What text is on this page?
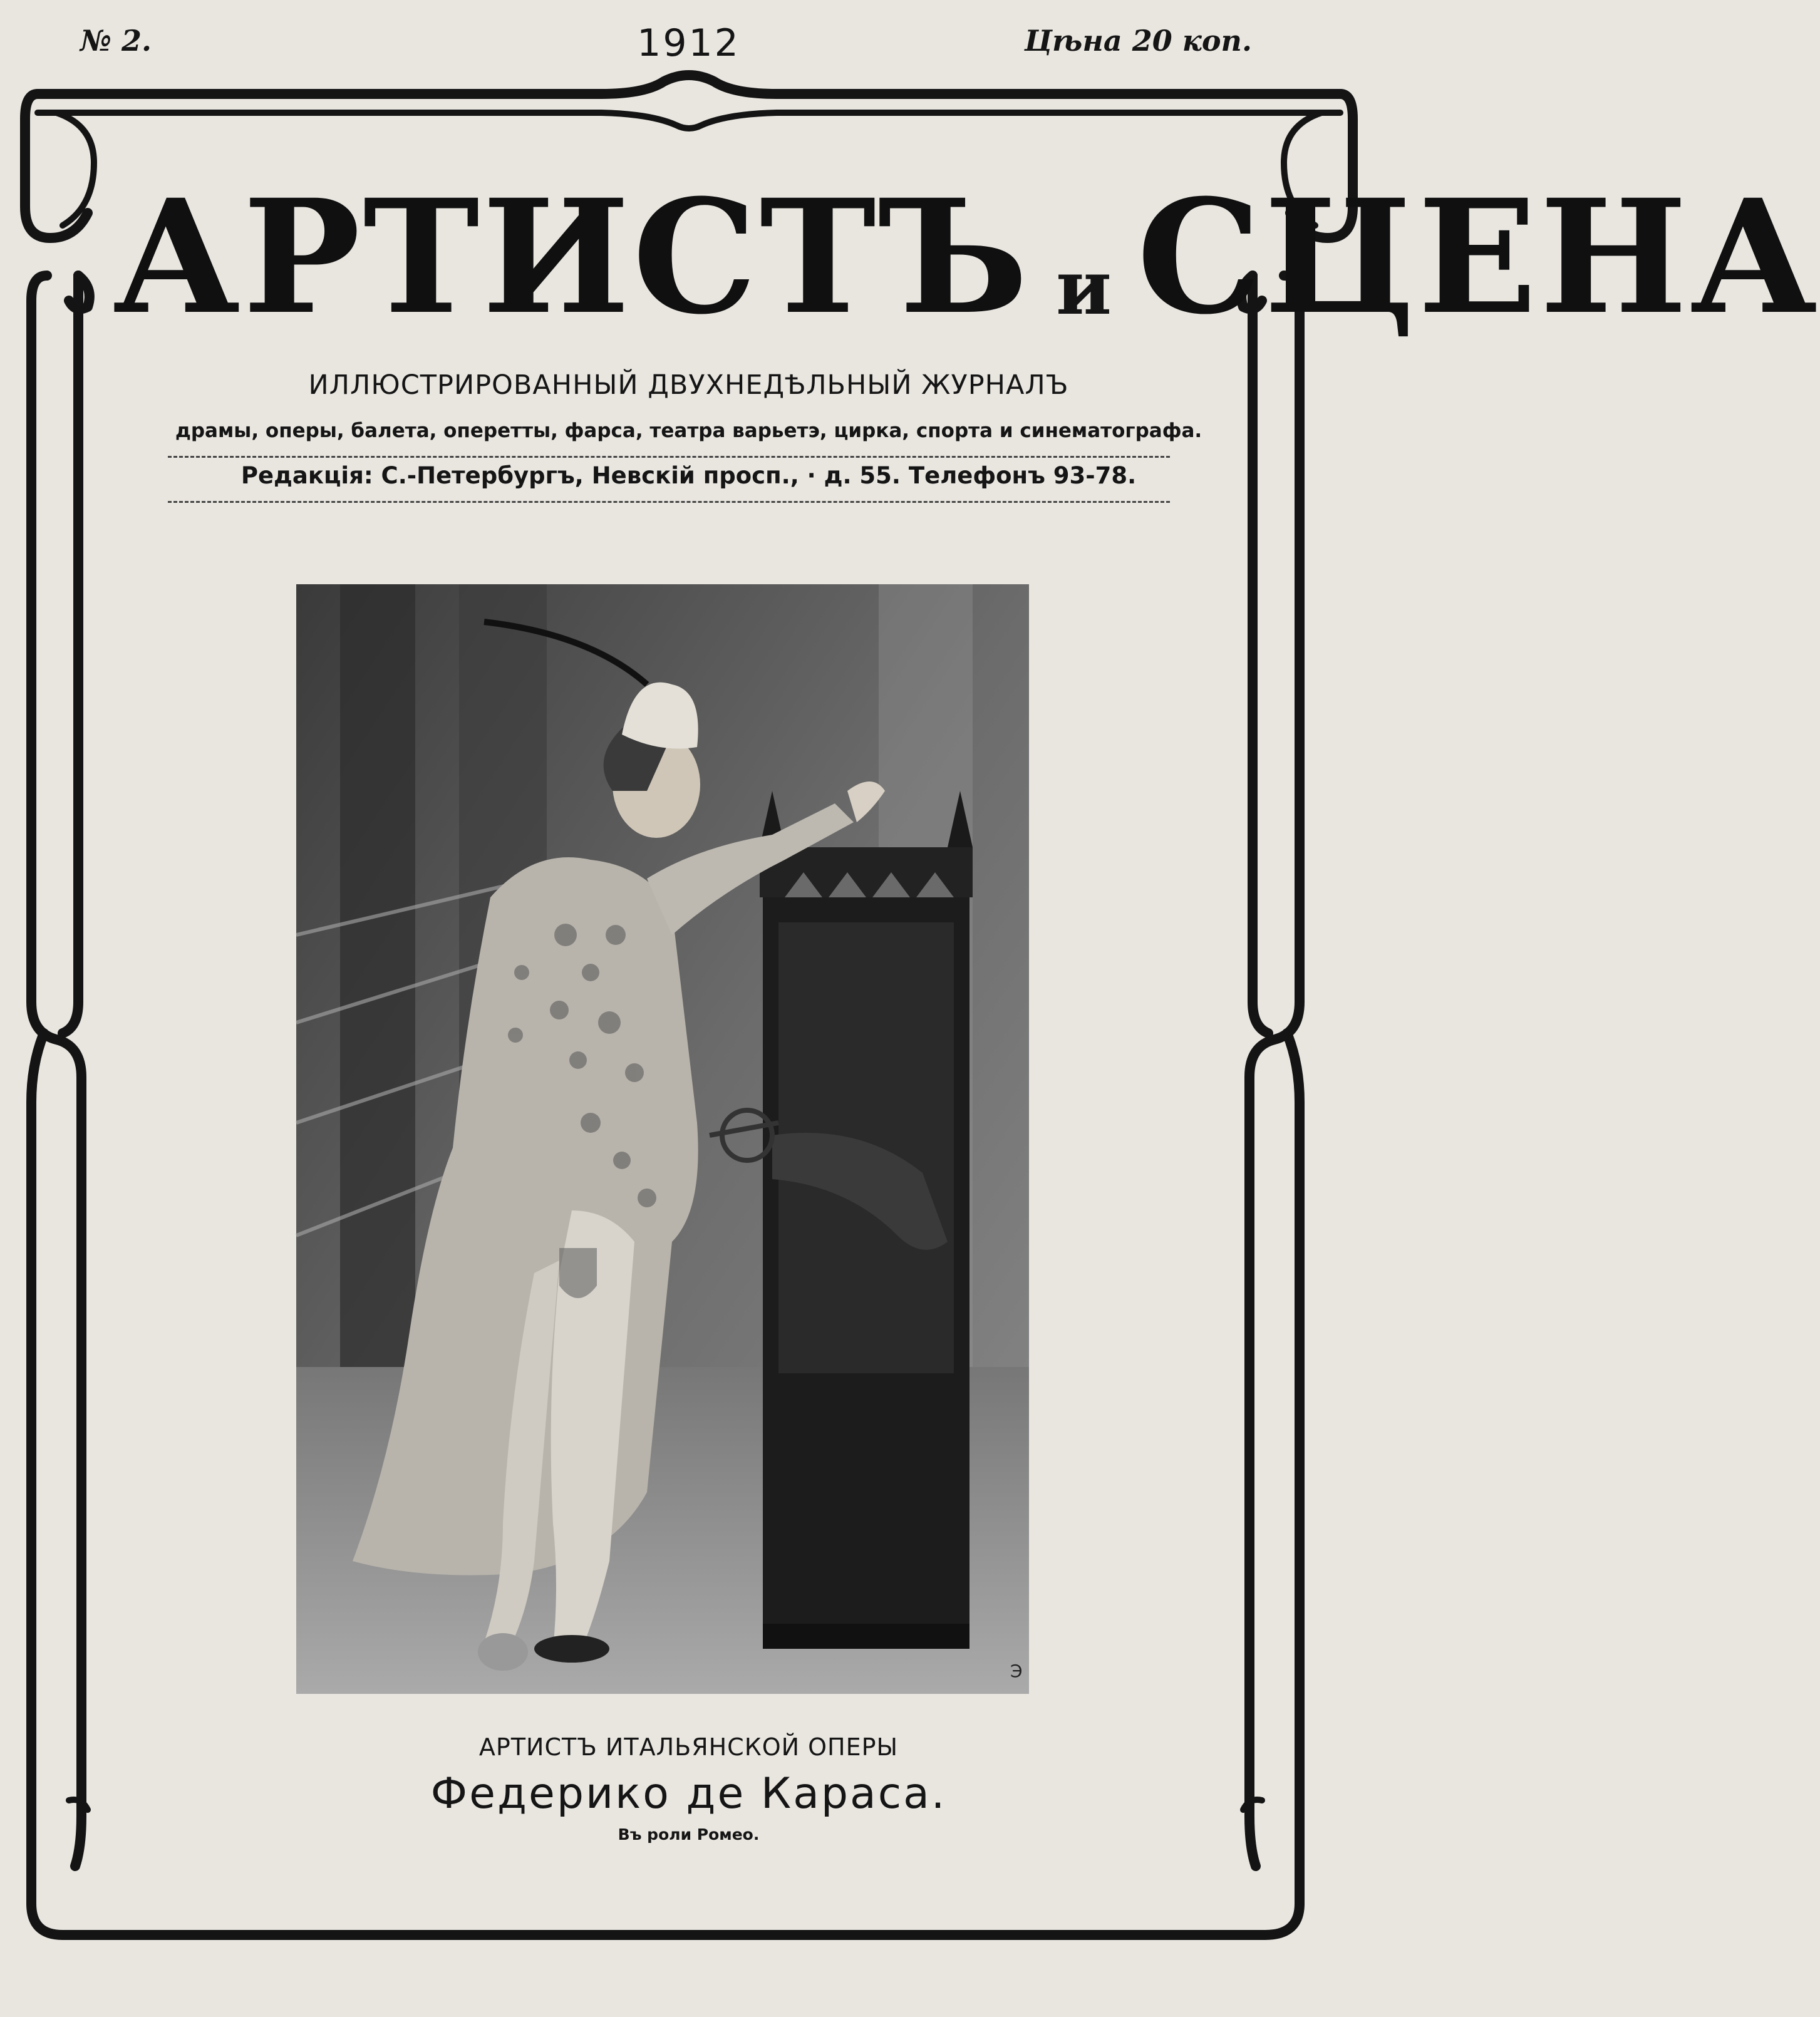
№ 2.	1912	Цѣна 20 коп.
АРТИСТЪ и СЦЕНА
ИЛЛЮСТРИРОВАННЫЙ ДВУХНЕДѢЛЬНЫЙ ЖУРНАЛЪ
драмы, оперы, балета, оперетты, фарса, театра варьетэ, цирка, спорта и синематографа.
Редакція: С.-Петербургъ, Невскій просп., · д. 55. Телефонъ 93-78.
Э
АРТИСТЪ ИТАЛЬЯНСКОЙ ОПЕРЫ
Федерико де Караса.
Въ роли Ромео.
